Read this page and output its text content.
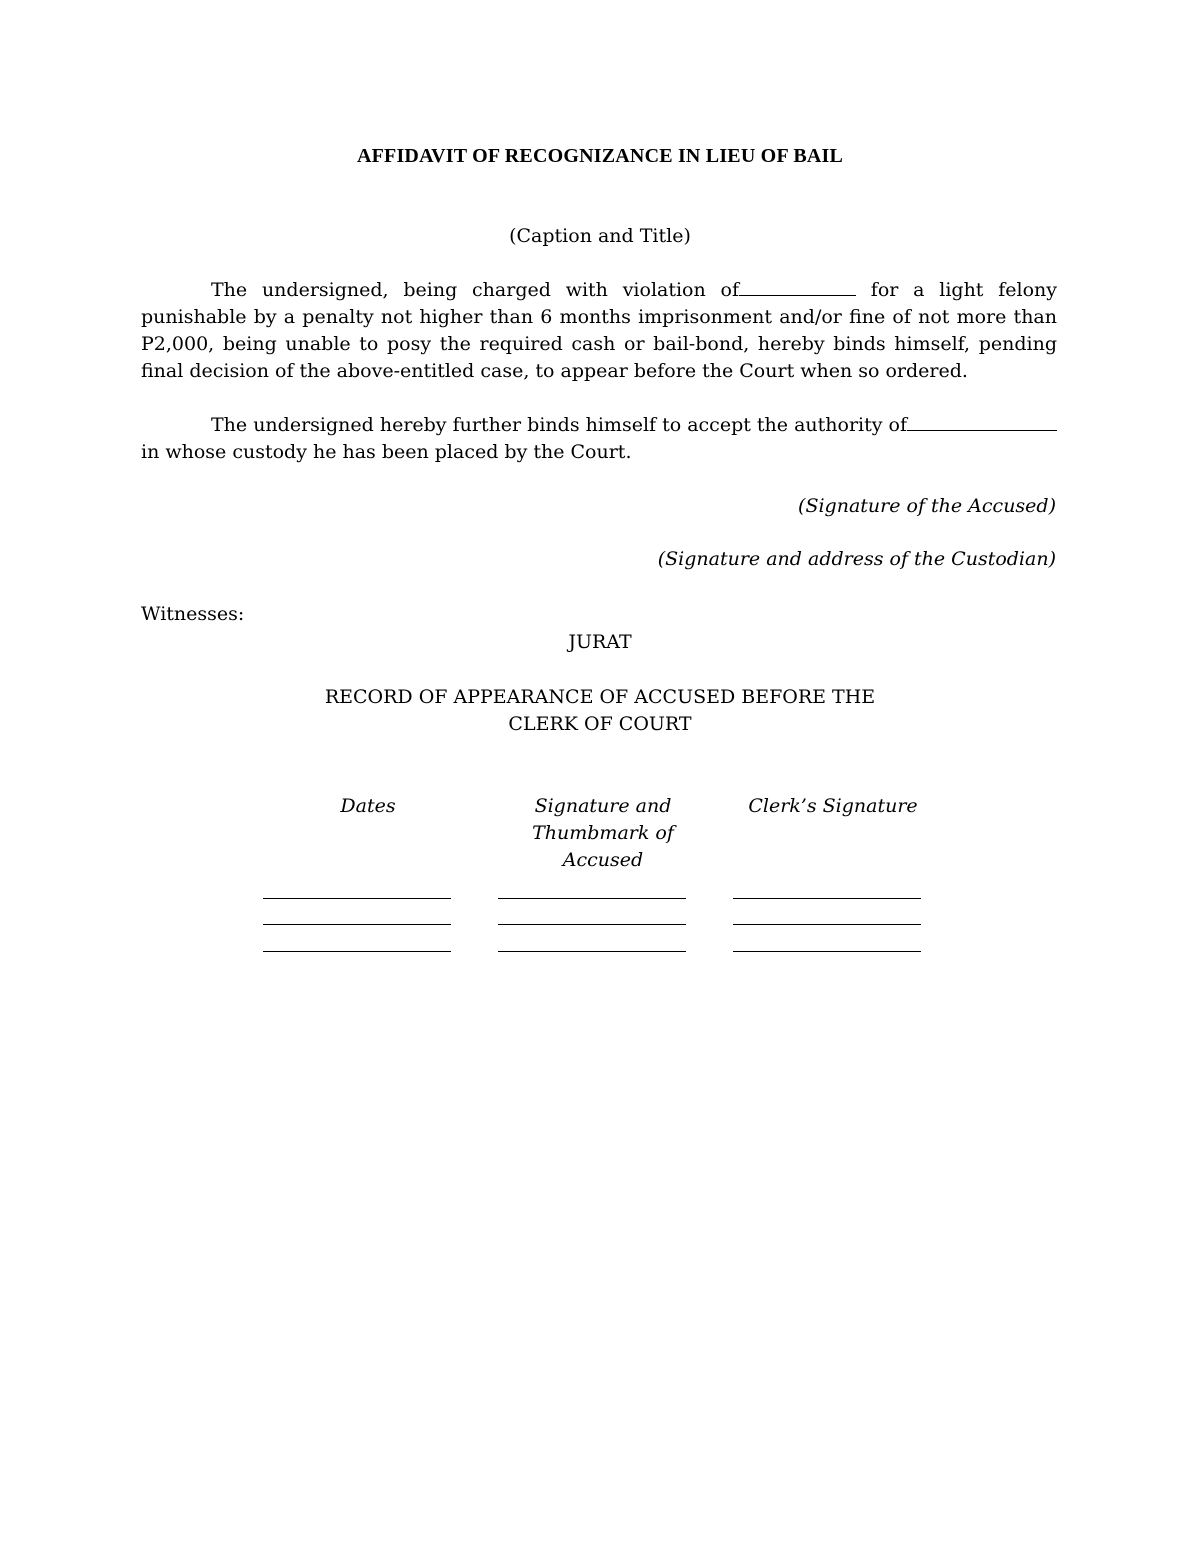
AFFIDAVIT OF RECOGNIZANCE IN LIEU OF BAIL
(Caption and Title)
The undersigned, being charged with violation of	for a light felony punishable by a penalty not higher than 6 months imprisonment and/or fine of not more than P2,000, being unable to posy the required cash or bail-bond, hereby binds himself, pending final decision of the above-entitled case, to appear before the Court when so ordered.
The undersigned hereby further binds himself to accept the authority of in whose custody he has been placed by the Court.
(Signature of the Accused)
(Signature and address of the Custodian)
Witnesses:
JURAT
RECORD OF APPEARANCE OF ACCUSED BEFORE THE
CLERK OF COURT
Dates	Signature and Thumbmark of Accused
Clerk’s Signature
